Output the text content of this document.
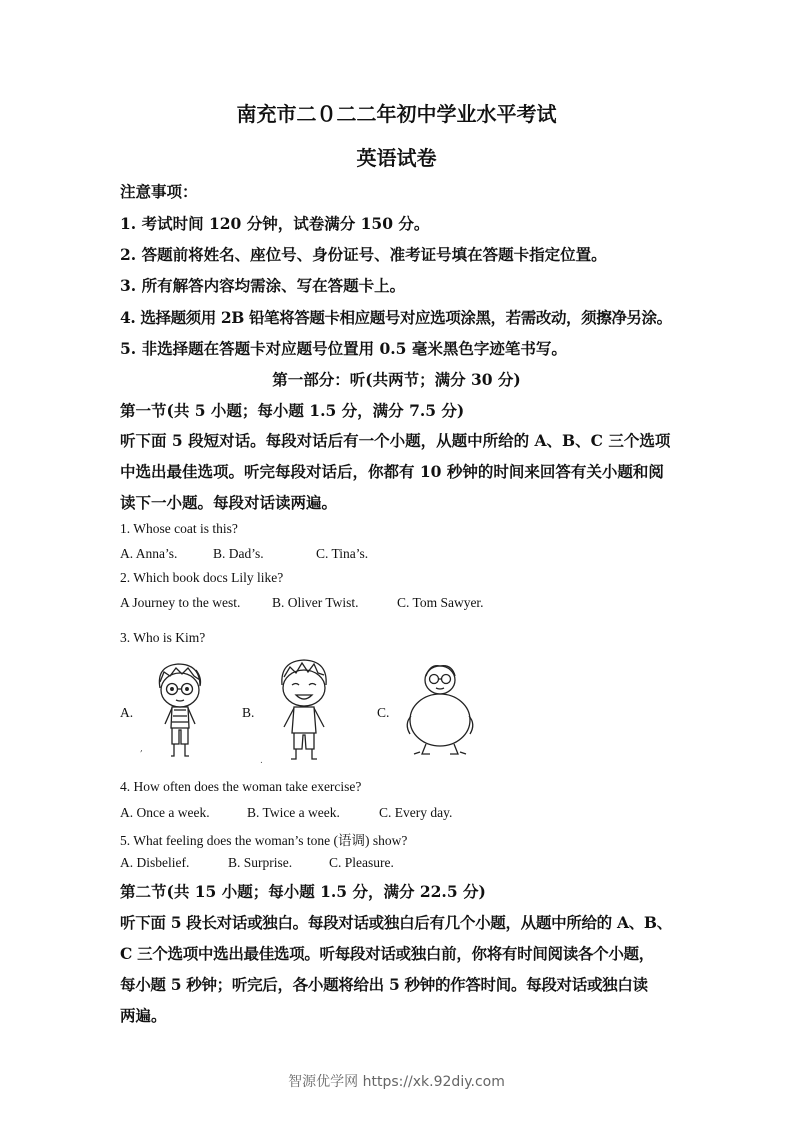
南充市二０二二年初中学业水平考试
英语试卷
注意事项：
1. 考试时间 120 分钟，试卷满分 150 分。
2. 答题前将姓名、座位号、身份证号、准考证号填在答题卡指定位置。
3. 所有解答内容均需涂、写在答题卡上。
4. 选择题须用 2B 铅笔将答题卡相应题号对应选项涂黑，若需改动，须擦净另涂。
5. 非选择题在答题卡对应题号位置用 0.5 毫米黑色字迹笔书写。
第一部分：听(共两节；满分 30 分)
第一节(共 5 小题；每小题 1.5 分，满分 7.5 分)
听下面 5 段短对话。每段对话后有一个小题，从题中所给的 A、B、C 三个选项
中选出最佳选项。听完每段对话后，你都有 10 秒钟的时间来回答有关小题和阅
读下一小题。每段对话读两遍。
1. Whose coat is this?
A. Anna’s.	B. Dad’s.	C. Tina’s.
2. Which book docs Lily like?
A Journey to the west. B. Oliver Twist.	C. Tom Sawyer.
3. Who is Kim?
A.	B.	C.
,
.
4. How often does the woman take exercise?
A. Once a week.	B. Twice a week.	C. Every day.
5. What feeling does the woman’s tone (语调) show?
A. Disbelief.	B. Surprise.	C. Pleasure.
第二节(共 15 小题；每小题 1.5 分，满分 22.5 分)
听下面 5 段长对话或独白。每段对话或独白后有几个小题，从题中所给的 A、B、
C 三个选项中选出最佳选项。听每段对话或独白前，你将有时间阅读各个小题，
每小题 5 秒钟；听完后，各小题将给出 5 秒钟的作答时间。每段对话或独白读
两遍。
智源优学网 https://xk.92diy.com
